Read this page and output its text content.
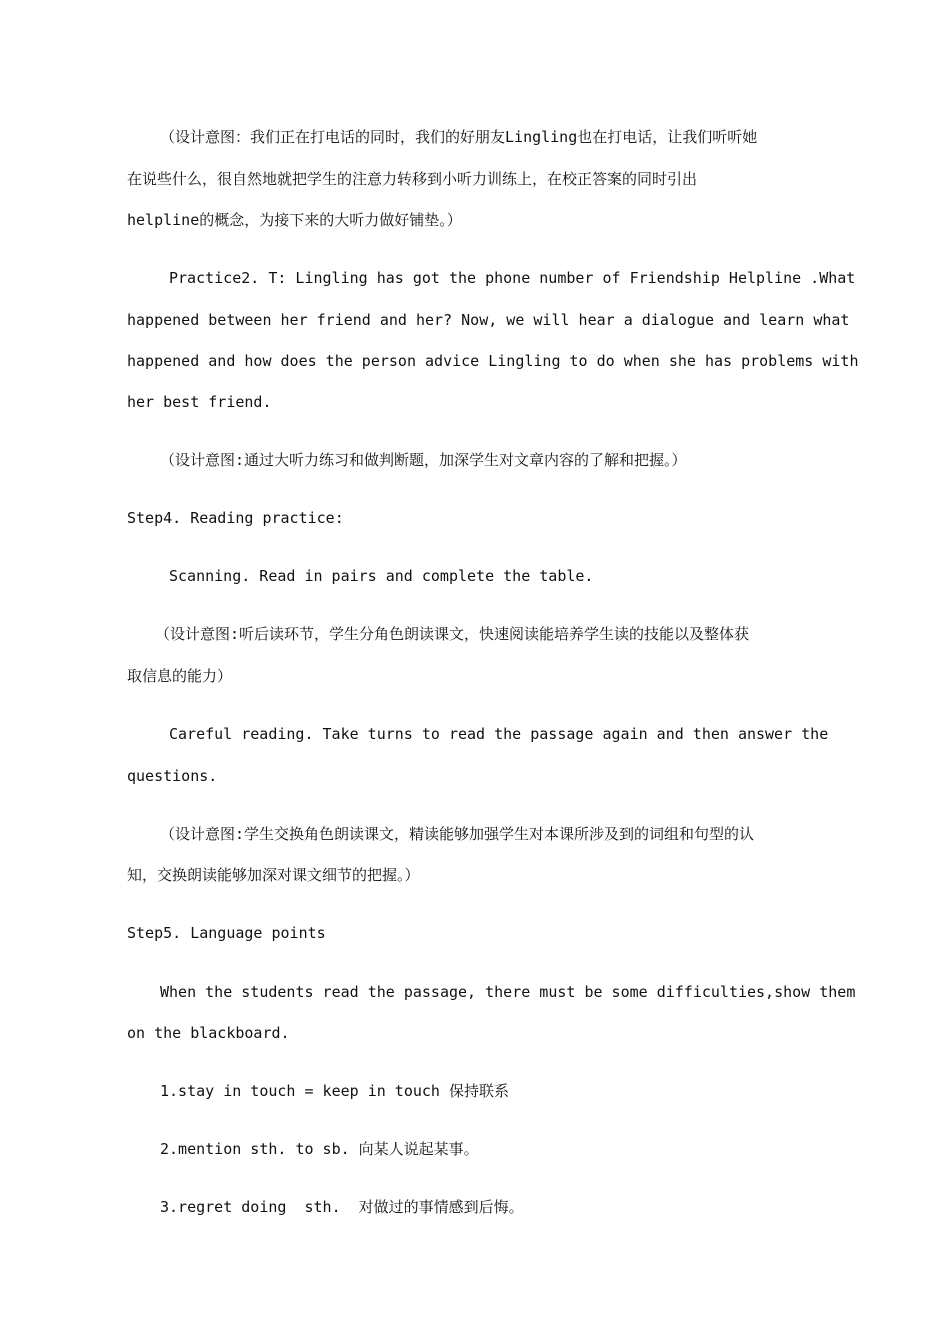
（设计意图：我们正在打电话的同时，我们的好朋友Lingling也在打电话，让我们听听她
在说些什么，很自然地就把学生的注意力转移到小听力训练上，在校正答案的同时引出
helpline的概念，为接下来的大听力做好铺垫。）
Practice2. T: Lingling has got the phone number of Friendship Helpline .What
happened between her friend and her? Now, we will hear a dialogue and learn what
happened and how does the person advice Lingling to do when she has problems with
her best friend.
（设计意图:通过大听力练习和做判断题，加深学生对文章内容的了解和把握。）
Step4. Reading practice:
Scanning. Read in pairs and complete the table.
（设计意图:听后读环节，学生分角色朗读课文，快速阅读能培养学生读的技能以及整体获
取信息的能力）
Careful reading. Take turns to read the passage again and then answer the
questions.
（设计意图:学生交换角色朗读课文，精读能够加强学生对本课所涉及到的词组和句型的认
知，交换朗读能够加深对课文细节的把握。）
Step5. Language points
When the students read the passage, there must be some difficulties,show them
on the blackboard.
1.stay in touch = keep in touch 保持联系
2.mention sth. to sb. 向某人说起某事。
3.regret doing  sth.  对做过的事情感到后悔。
